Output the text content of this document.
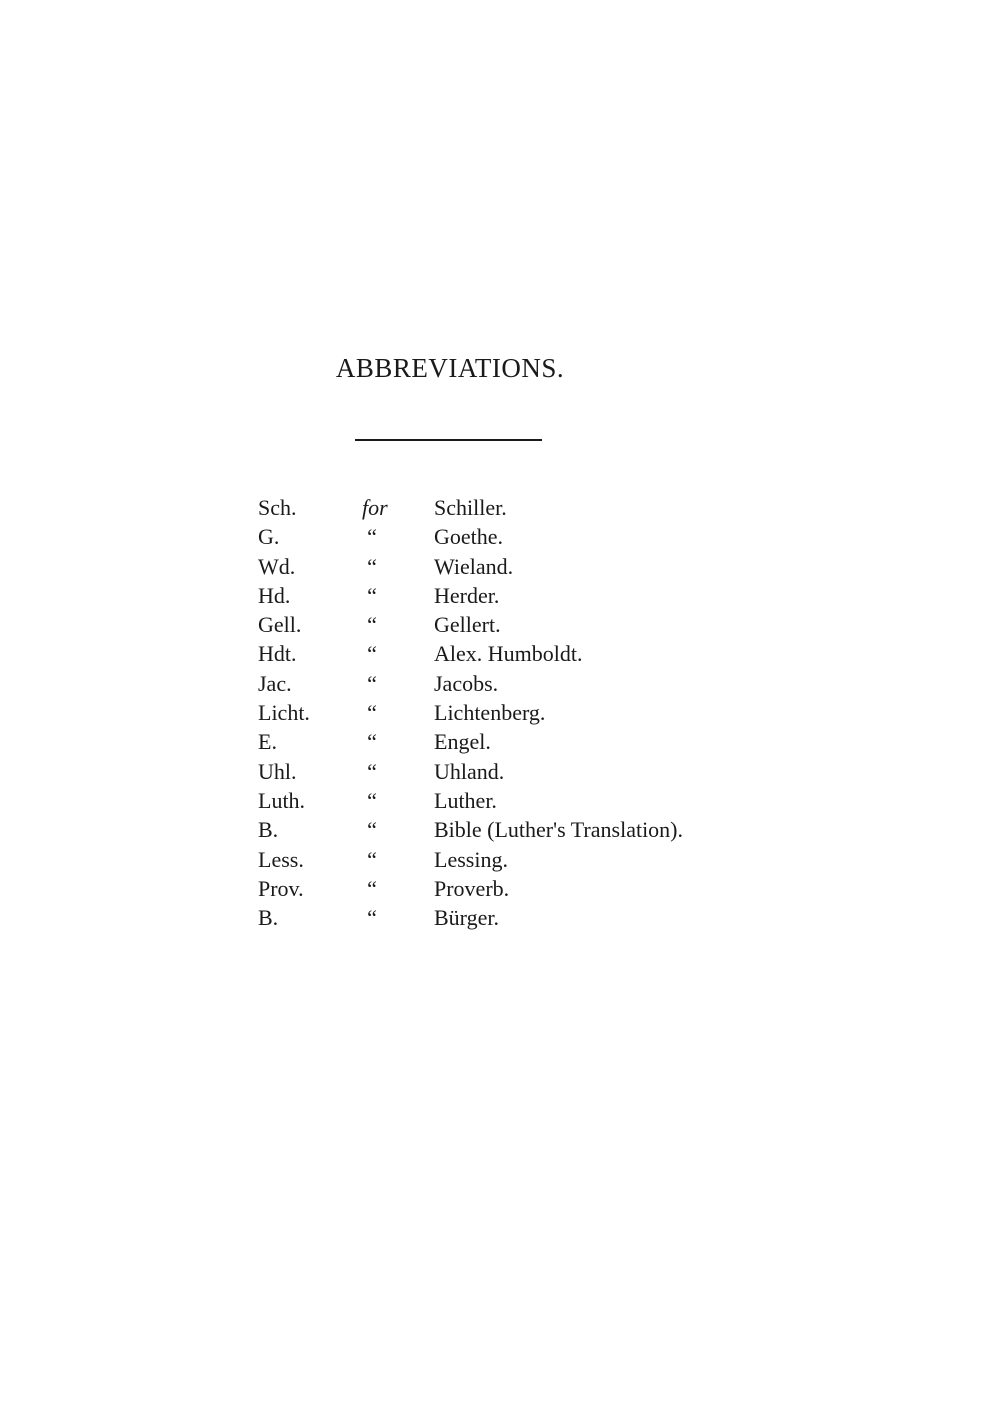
ABBREVIATIONS.
Sch.	for Schiller.
G.	“	Goethe.
Wd.	“	Wieland.
Hd.	“	Herder.
Gell.	“	Gellert.
Hdt.	“	Alex. Humboldt.
Jac.	“	Jacobs.
Licht.	“	Lichtenberg.
E.	“	Engel.
Uhl.	“	Uhland.
Luth.	“	Luther.
B.	“	Bible (Luther's Translation).
Less.	“	Lessing.
Prov.	“	Proverb.
B.	“	Bürger.
